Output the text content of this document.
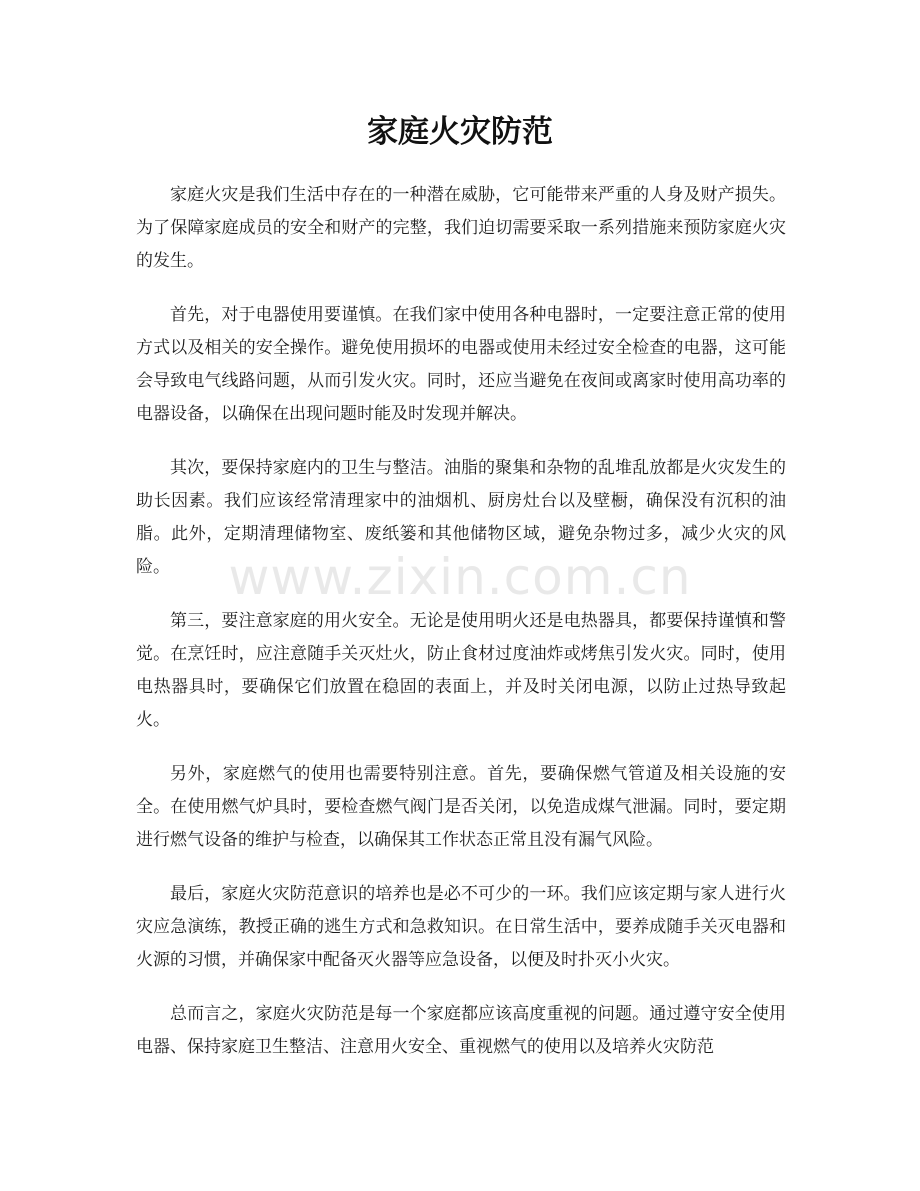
家庭火灾防范

家庭火灾是我们生活中存在的一种潜在威胁，它可能带来严重的人身及财产损失。为了保障家庭成员的安全和财产的完整，我们迫切需要采取一系列措施来预防家庭火灾的发生。

首先，对于电器使用要谨慎。在我们家中使用各种电器时，一定要注意正常的使用方式以及相关的安全操作。避免使用损坏的电器或使用未经过安全检查的电器，这可能会导致电气线路问题，从而引发火灾。同时，还应当避免在夜间或离家时使用高功率的电器设备，以确保在出现问题时能及时发现并解决。

其次，要保持家庭内的卫生与整洁。油脂的聚集和杂物的乱堆乱放都是火灾发生的助长因素。我们应该经常清理家中的油烟机、厨房灶台以及壁橱，确保没有沉积的油脂。此外，定期清理储物室、废纸篓和其他储物区域，避免杂物过多，减少火灾的风险。

第三，要注意家庭的用火安全。无论是使用明火还是电热器具，都要保持谨慎和警觉。在烹饪时，应注意随手关灭灶火，防止食材过度油炸或烤焦引发火灾。同时，使用电热器具时，要确保它们放置在稳固的表面上，并及时关闭电源，以防止过热导致起火。

另外，家庭燃气的使用也需要特别注意。首先，要确保燃气管道及相关设施的安全。在使用燃气炉具时，要检查燃气阀门是否关闭，以免造成煤气泄漏。同时，要定期进行燃气设备的维护与检查，以确保其工作状态正常且没有漏气风险。

最后，家庭火灾防范意识的培养也是必不可少的一环。我们应该定期与家人进行火灾应急演练，教授正确的逃生方式和急救知识。在日常生活中，要养成随手关灭电器和火源的习惯，并确保家中配备灭火器等应急设备，以便及时扑灭小火灾。

总而言之，家庭火灾防范是每一个家庭都应该高度重视的问题。通过遵守安全使用电器、保持家庭卫生整洁、注意用火安全、重视燃气的使用以及培养火灾防范

www.zixin.com.cn
